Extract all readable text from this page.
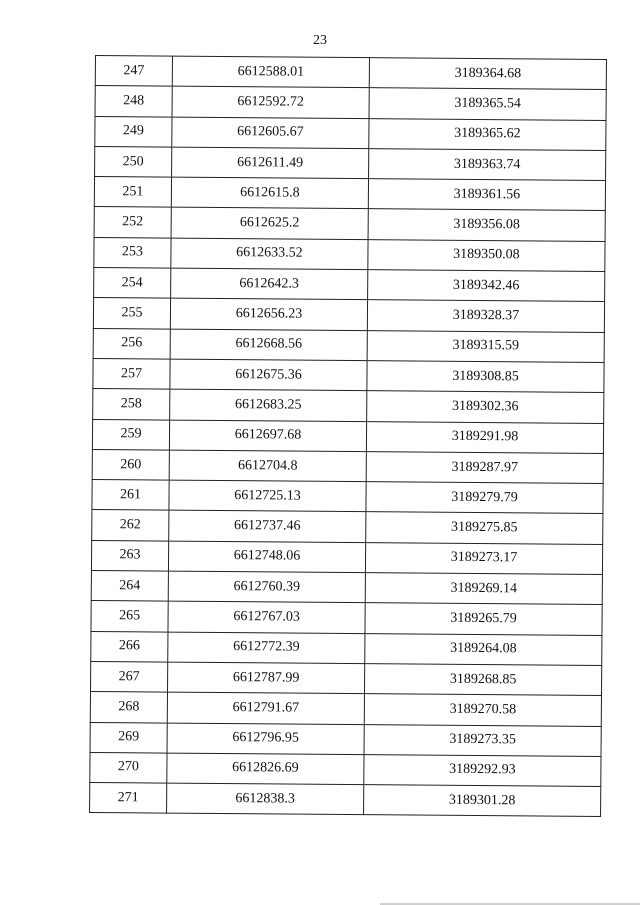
23
247	6612588.01	3189364.68
248	6612592.72	3189365.54
249	6612605.67	3189365.62
250	6612611.49	3189363.74
251	6612615.8	3189361.56
252	6612625.2	3189356.08
253	6612633.52	3189350.08
254	6612642.3	3189342.46
255	6612656.23	3189328.37
256	6612668.56	3189315.59
257	6612675.36	3189308.85
258	6612683.25	3189302.36
259	6612697.68	3189291.98
260	6612704.8	3189287.97
261	6612725.13	3189279.79
262	6612737.46	3189275.85
263	6612748.06	3189273.17
264	6612760.39	3189269.14
265	6612767.03	3189265.79
266	6612772.39	3189264.08
267	6612787.99	3189268.85
268	6612791.67	3189270.58
269	6612796.95	3189273.35
270	6612826.69	3189292.93
271	6612838.3	3189301.28
